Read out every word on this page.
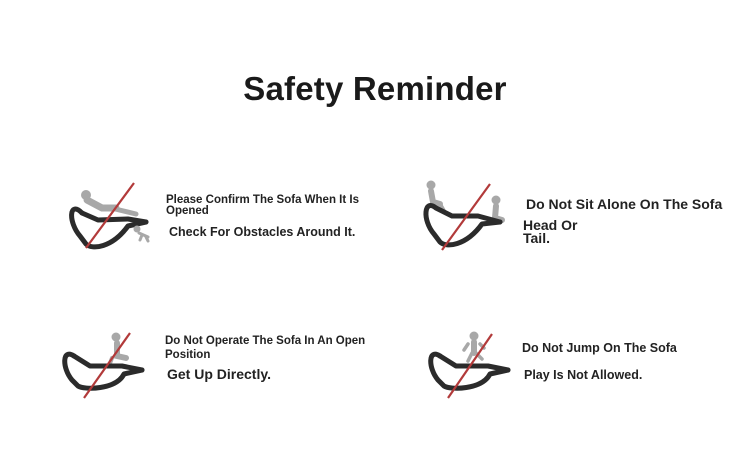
Safety Reminder
Please Confirm The Sofa When It Is
Opened
Check For Obstacles Around It.
Do Not Sit Alone On The Sofa
Head Or
Tail.
Do Not Operate The Sofa In An Open
Position
Get Up Directly.
Do Not Jump On The Sofa
Play Is Not Allowed.
